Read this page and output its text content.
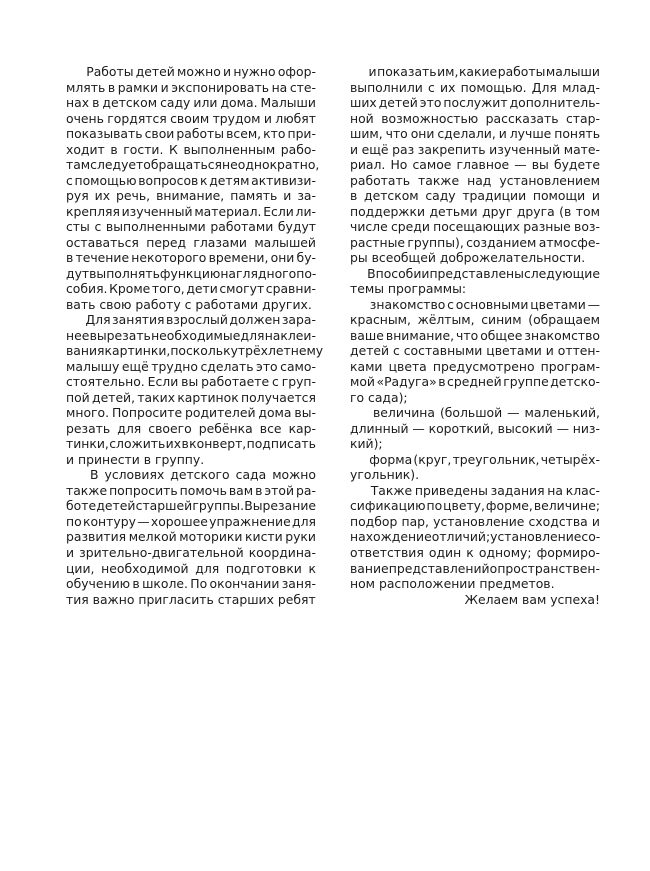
Работы детей можно и нужно офор-
млять в рамки и экспонировать на сте-
нах в детском саду или дома. Малыши
очень гордятся своим трудом и любят
показывать свои работы всем, кто при-
ходит в гости. К выполненным рабо-
там следует обращаться неоднократно,
с помощью вопросов к детям активизи-
руя их речь, внимание, память и за-
крепляя изученный материал. Если ли-
сты с выполненными работами будут
оставаться перед глазами малышей
в течение некоторого времени, они бу-
дут выполнять функцию наглядного по-
собия. Кроме того, дети смогут сравни-
вать свою работу с работами других.
Для занятия взрослый должен зара-
нее вырезать необходимые для наклеи-
вания картинки, поскольку трёхлетнему
малышу ещё трудно сделать это само-
стоятельно. Если вы работаете с груп-
пой детей, таких картинок получается
много. Попросите родителей дома вы-
резать для своего ребёнка все кар-
тинки, сложить их в конверт, подписать
и принести в группу.
В условиях детского сада можно
также попросить помочь вам в этой ра-
боте детей старшей группы. Вырезание
по контуру — хорошее упражнение для
развития мелкой моторики кисти руки
и зрительно-двигательной координа-
ции, необходимой для подготовки к
обучению в школе. По окончании заня-
тия важно пригласить старших ребят
и показать им, какие работы малыши
выполнили с их помощью. Для млад-
ших детей это послужит дополнитель-
ной возможностью рассказать стар-
шим, что они сделали, и лучше понять
и ещё раз закрепить изученный мате-
риал. Но самое главное — вы будете
работать также над установлением
в детском саду традиции помощи и
поддержки детьми друг друга (в том
числе среди посещающих разные воз-
растные группы), созданием атмосфе-
ры всеобщей доброжелательности.
В пособии представлены следующие
темы программы:
знакомство с основными цветами —
красным, жёлтым, синим (обращаем
ваше внимание, что общее знакомство
детей с составными цветами и оттен-
ками цвета предусмотрено програм-
мой «Радуга» в средней группе детско-
го сада);
величина (большой — маленький,
длинный — короткий, высокий — низ-
кий);
форма (круг, треугольник, четырёх-
угольник).
Также приведены задания на клас-
сификацию по цвету, форме, величине;
подбор пар, установление сходства и
нахождение отличий; установление со-
ответствия один к одному; формиро-
вание представлений о пространствен-
ном расположении предметов.
Желаем вам успеха!
